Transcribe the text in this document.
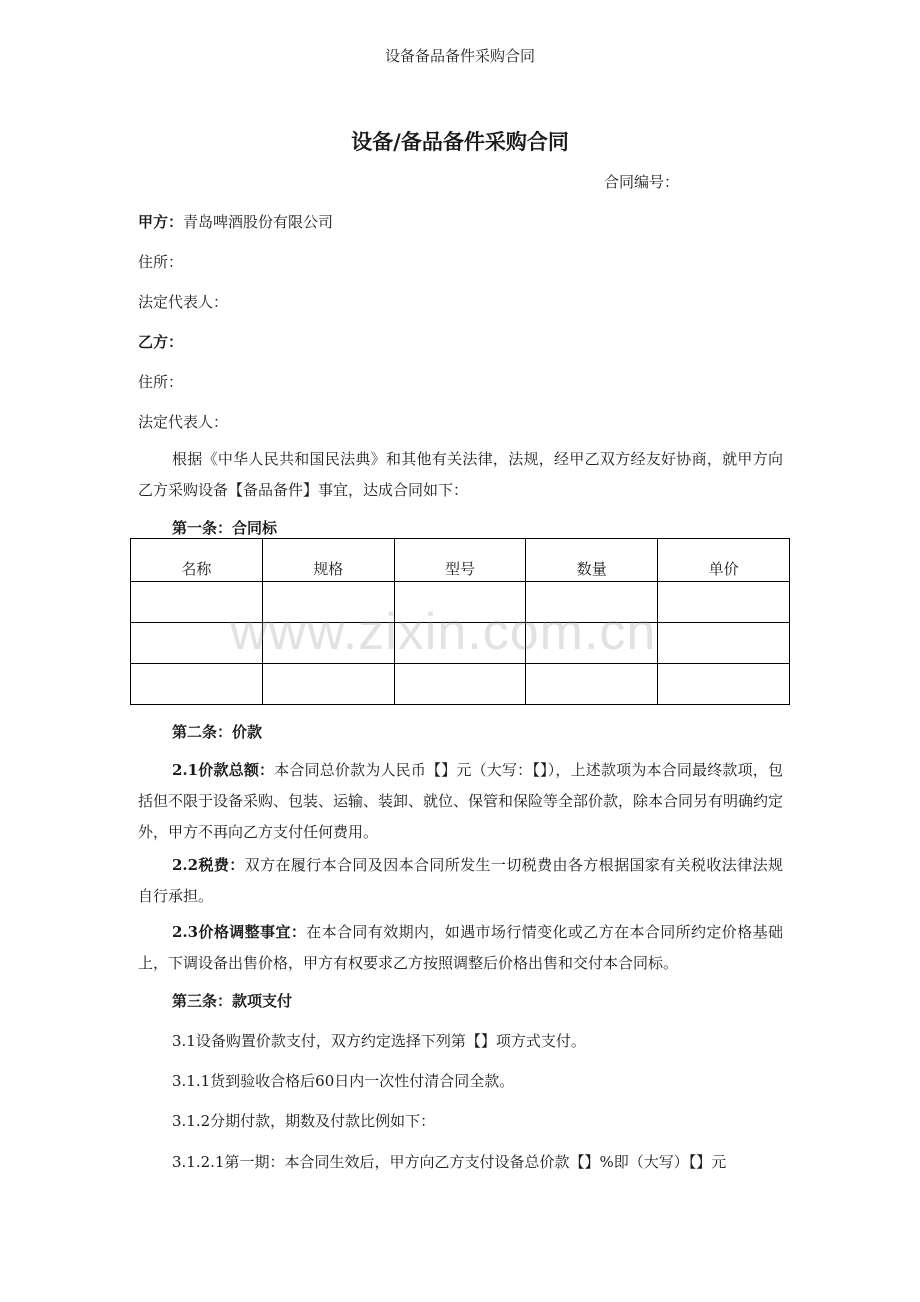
设备备品备件采购合同
设备/备品备件采购合同
合同编号：
甲方：青岛啤酒股份有限公司
住所：
法定代表人：
乙方：
住所：
法定代表人：
根据《中华人民共和国民法典》和其他有关法律，法规，经甲乙双方经友好协商，就甲方向乙方采购设备【备品备件】事宜，达成合同如下：
第一条：合同标
名称	规格	型号	数量	单价

www.zixin.com.cn
第二条：价款
2.1价款总额：本合同总价款为人民币【】元（大写：【】），上述款项为本合同最终款项，包括但不限于设备采购、包装、运输、装卸、就位、保管和保险等全部价款，除本合同另有明确约定外，甲方不再向乙方支付任何费用。
2.2税费：双方在履行本合同及因本合同所发生一切税费由各方根据国家有关税收法律法规自行承担。
2.3价格调整事宜：在本合同有效期内，如遇市场行情变化或乙方在本合同所约定价格基础上，下调设备出售价格，甲方有权要求乙方按照调整后价格出售和交付本合同标。
第三条：款项支付
3.1设备购置价款支付，双方约定选择下列第【】项方式支付。
3.1.1货到验收合格后60日内一次性付清合同全款。
3.1.2分期付款，期数及付款比例如下：
3.1.2.1第一期：本合同生效后，甲方向乙方支付设备总价款【】%即（大写）【】元
